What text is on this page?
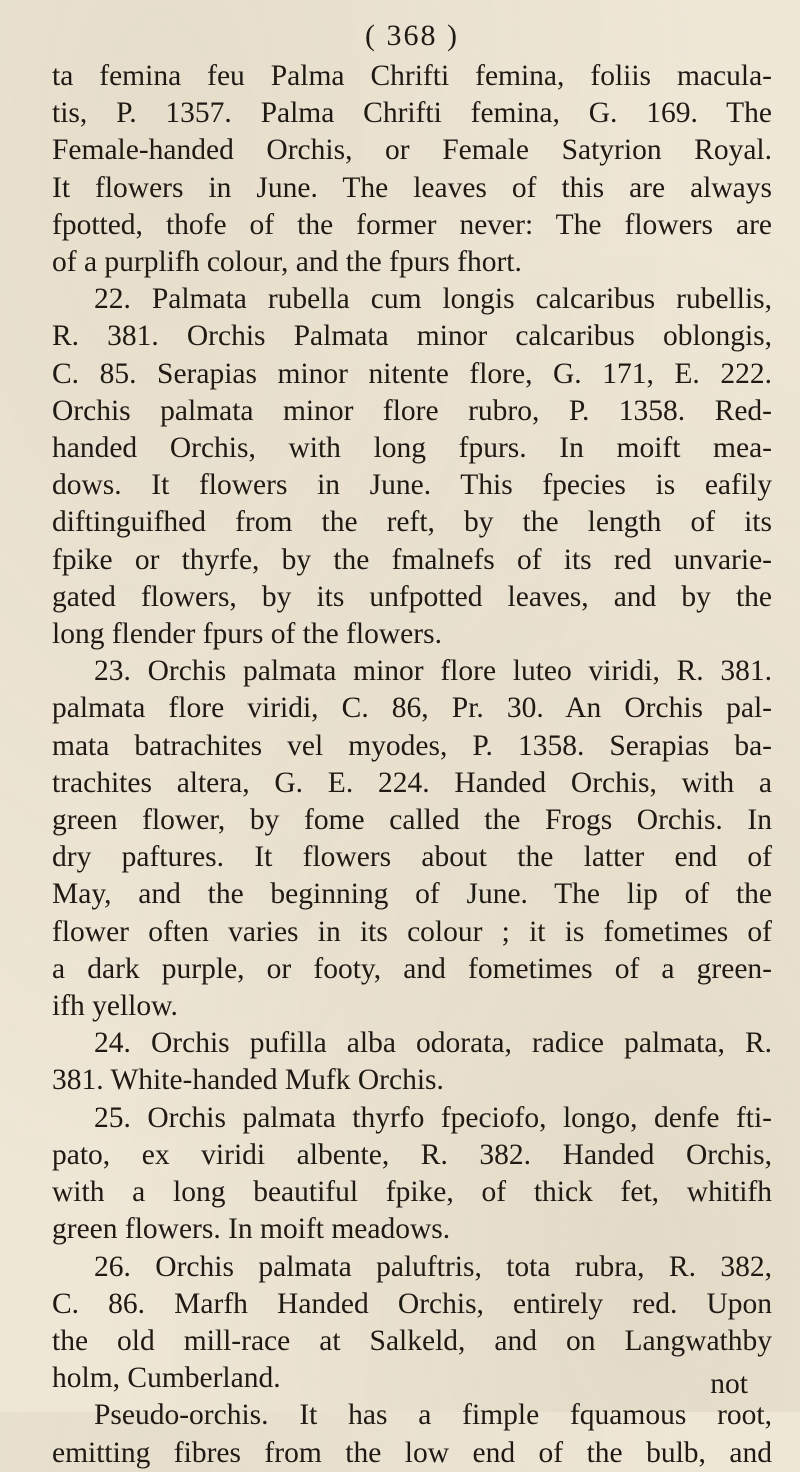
( 368 )

ta femina feu Palma Chrifti femina, foliis macula-

tis, P. 1357. Palma Chrifti femina, G. 169. The

Female-handed Orchis, or Female Satyrion Royal.

It flowers in June. The leaves of this are always

fpotted, thofe of the former never: The flowers are

of a purplifh colour, and the fpurs fhort.

22. Palmata rubella cum longis calcaribus rubellis,

R. 381. Orchis Palmata minor calcaribus oblongis,

C. 85. Serapias minor nitente flore, G. 171, E. 222.

Orchis palmata minor flore rubro, P. 1358. Red-

handed Orchis, with long fpurs. In moift mea-

dows. It flowers in June. This fpecies is eafily

diftinguifhed from the reft, by the length of its

fpike or thyrfe, by the fmalnefs of its red unvarie-

gated flowers, by its unfpotted leaves, and by the

long flender fpurs of the flowers.

23. Orchis palmata minor flore luteo viridi, R. 381.

palmata flore viridi, C. 86, Pr. 30. An Orchis pal-

mata batrachites vel myodes, P. 1358. Serapias ba-

trachites altera, G. E. 224. Handed Orchis, with a

green flower, by fome called the Frogs Orchis. In

dry paftures. It flowers about the latter end of

May, and the beginning of June. The lip of the

flower often varies in its colour ; it is fometimes of

a dark purple, or footy, and fometimes of a green-

ifh yellow.

24. Orchis pufilla alba odorata, radice palmata, R.

381. White-handed Mufk Orchis.

25. Orchis palmata thyrfo fpeciofo, longo, denfe fti-

pato, ex viridi albente, R. 382. Handed Orchis,

with a long beautiful fpike, of thick fet, whitifh

green flowers. In moift meadows.

26. Orchis palmata paluftris, tota rubra, R. 382,

C. 86. Marfh Handed Orchis, entirely red. Upon

the old mill-race at Salkeld, and on Langwathby

holm, Cumberland.

Pseudo-orchis. It has a fimple fquamous root,

emitting fibres from the low end of the bulb, and

not
